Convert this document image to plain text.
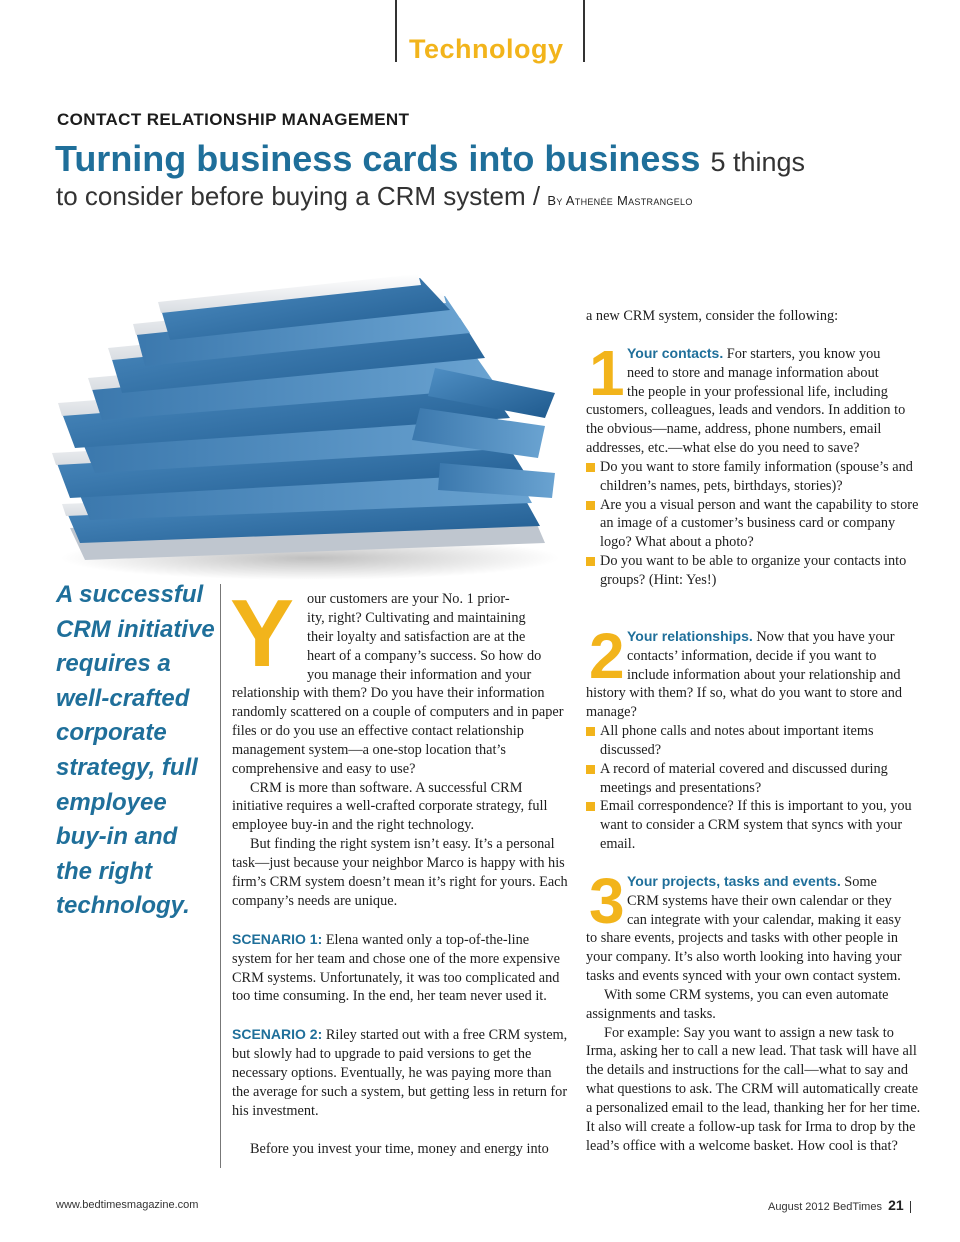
Technology
CONTACT RELATIONSHIP MANAGEMENT
Turning business cards into business 5 things
to consider before buying a CRM system / By Athenée Mastrangelo
A successful CRM initiative requires a well-crafted corporate strategy, full employee buy-in and the right technology.
Y our customers are your No. 1 prior-
ity, right? Cultivating and maintaining
their loyalty and satisfaction are at the
heart of a company’s success. So how do
you manage their information and your

relationship with them? Do you have their information randomly scattered on a couple of computers and in paper files or do you use an effective contact relationship management system—a one-stop location that’s comprehensive and easy to use?

CRM is more than software. A successful CRM initiative requires a well-crafted corporate strategy, full employee buy-in and the right technology.

But finding the right system isn’t easy. It’s a personal task—just because your neighbor Marco is happy with his firm’s CRM system doesn’t mean it’s right for yours. Each company’s needs are unique.

SCENARIO 1: Elena wanted only a top-of-the-line system for her team and chose one of the more expensive CRM systems. Unfortunately, it was too complicated and too time consuming. In the end, her team never used it.

SCENARIO 2: Riley started out with a free CRM system, but slowly had to upgrade to paid versions to get the necessary options. Eventually, he was paying more than the average for such a system, but getting less in return for his investment.

Before you invest your time, money and energy into

a new CRM system, consider the following:
1 Your contacts. For starters, you know you
need to store and manage information about
the people in your professional life, including

customers, colleagues, leads and vendors. In addition to the obvious—name, address, phone numbers, email addresses, etc.—what else do you need to save?

Do you want to store family information (spouse’s and children’s names, pets, birthdays, stories)?
Are you a visual person and want the capability to store an image of a customer’s business card or company logo? What about a photo?
Do you want to be able to organize your contacts into groups? (Hint: Yes!)
2 Your relationships. Now that you have your
contacts’ information, decide if you want to
include information about your relationship and

history with them? If so, what do you want to store and manage?

All phone calls and notes about important items discussed?
A record of material covered and discussed during meetings and presentations?
Email correspondence? If this is important to you, you want to consider a CRM system that syncs with your email.
3 Your projects, tasks and events. Some
CRM systems have their own calendar or they
can integrate with your calendar, making it easy

to share events, projects and tasks with other people in your company. It’s also worth looking into having your tasks and events synced with your own contact system.

With some CRM systems, you can even automate assignments and tasks.

For example: Say you want to assign a new task to Irma, asking her to call a new lead. That task will have all the details and instructions for the call—what to say and what questions to ask. The CRM will automatically create a personalized email to the lead, thanking her for her time. It also will create a follow-up task for Irma to drop by the lead’s office with a welcome basket. How cool is that?

www.bedtimesmagazine.com	August 2012 BedTimes 21
